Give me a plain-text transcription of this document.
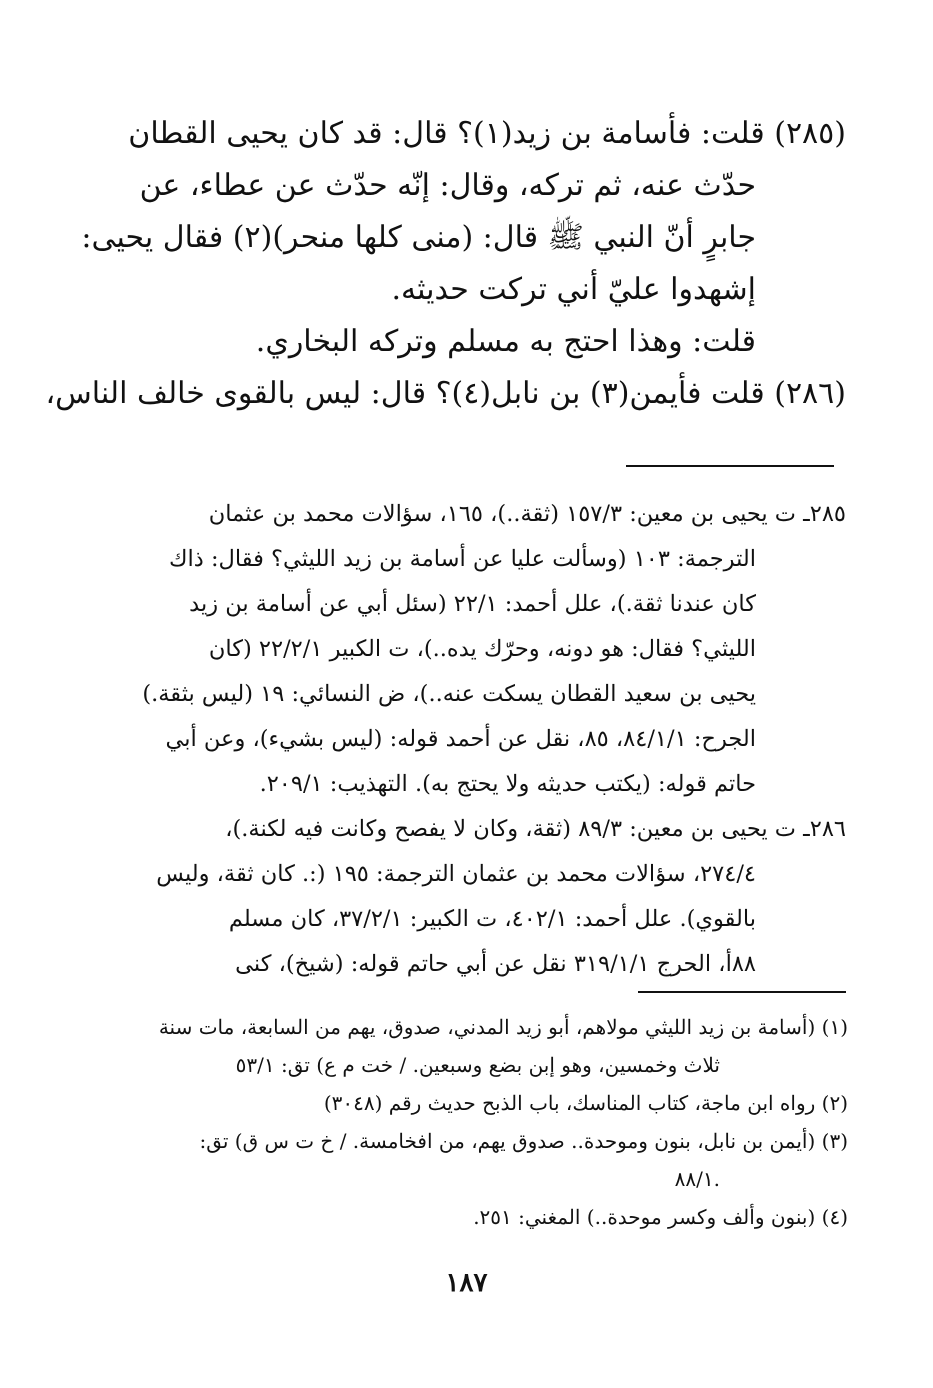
(٢٨٥) قلت: فأسامة بن زيد(١)؟ قال: قد كان يحيى القطان
حدّث عنه، ثم تركه، وقال: إنّه حدّث عن عطاء، عن
جابرٍ أنّ النبي ﷺ قال: (منى كلها منحر)(٢) فقال يحيى:
إشهدوا عليّ أني تركت حديثه.
قلت: وهذا احتج به مسلم وتركه البخاري.
(٢٨٦) قلت فأيمن(٣) بن نابل(٤)؟ قال: ليس بالقوى خالف الناس،
٢٨٥ـ ت يحيى بن معين: ١٥٧/٣ (ثقة..)، ١٦٥، سؤالات محمد بن عثمان
الترجمة: ١٠٣ (وسألت عليا عن أسامة بن زيد الليثي؟ فقال: ذاك
كان عندنا ثقة.)، علل أحمد: ٢٢/١ (سئل أبي عن أسامة بن زيد
الليثي؟ فقال: هو دونه، وحرّك يده..)، ت الكبير ٢٢/٢/١ (كان
يحيى بن سعيد القطان يسكت عنه..)، ض النسائي: ١٩ (ليس بثقة.)
الجرح: ٨٤/١/١، ٨٥، نقل عن أحمد قوله: (ليس بشيء)، وعن أبي
حاتم قوله: (يكتب حديثه ولا يحتج به). التهذيب: ٢٠٩/١.
٢٨٦ـ ت يحيى بن معين: ٨٩/٣ (ثقة، وكان لا يفصح وكانت فيه لكنة.)،
٢٧٤/٤، سؤالات محمد بن عثمان الترجمة: ١٩٥ (:. كان ثقة، وليس
بالقوي). علل أحمد: ٤٠٢/١، ت الكبير: ٣٧/٢/١، كان مسلم
٨٨أ، الحرج ٣١٩/١/١ نقل عن أبي حاتم قوله: (شيخ)، كنى
(١) (أسامة بن زيد الليثي مولاهم، أبو زيد المدني، صدوق، يهم من السابعة، مات سنة
ثلاث وخمسين، وهو إبن بضع وسبعين. / خت م ع) تق: ٥٣/١
(٢) رواه ابن ماجة، كتاب المناسك، باب الذبح حديث رقم (٣٠٤٨)
(٣) (أيمن بن نابل، بنون وموحدة.. صدوق يهم، من افخامسة. / خ ت س ق) تق:
.٨٨/١
(٤) (بنون وألف وكسر موحدة..) المغني: ٢٥١.
١٨٧
